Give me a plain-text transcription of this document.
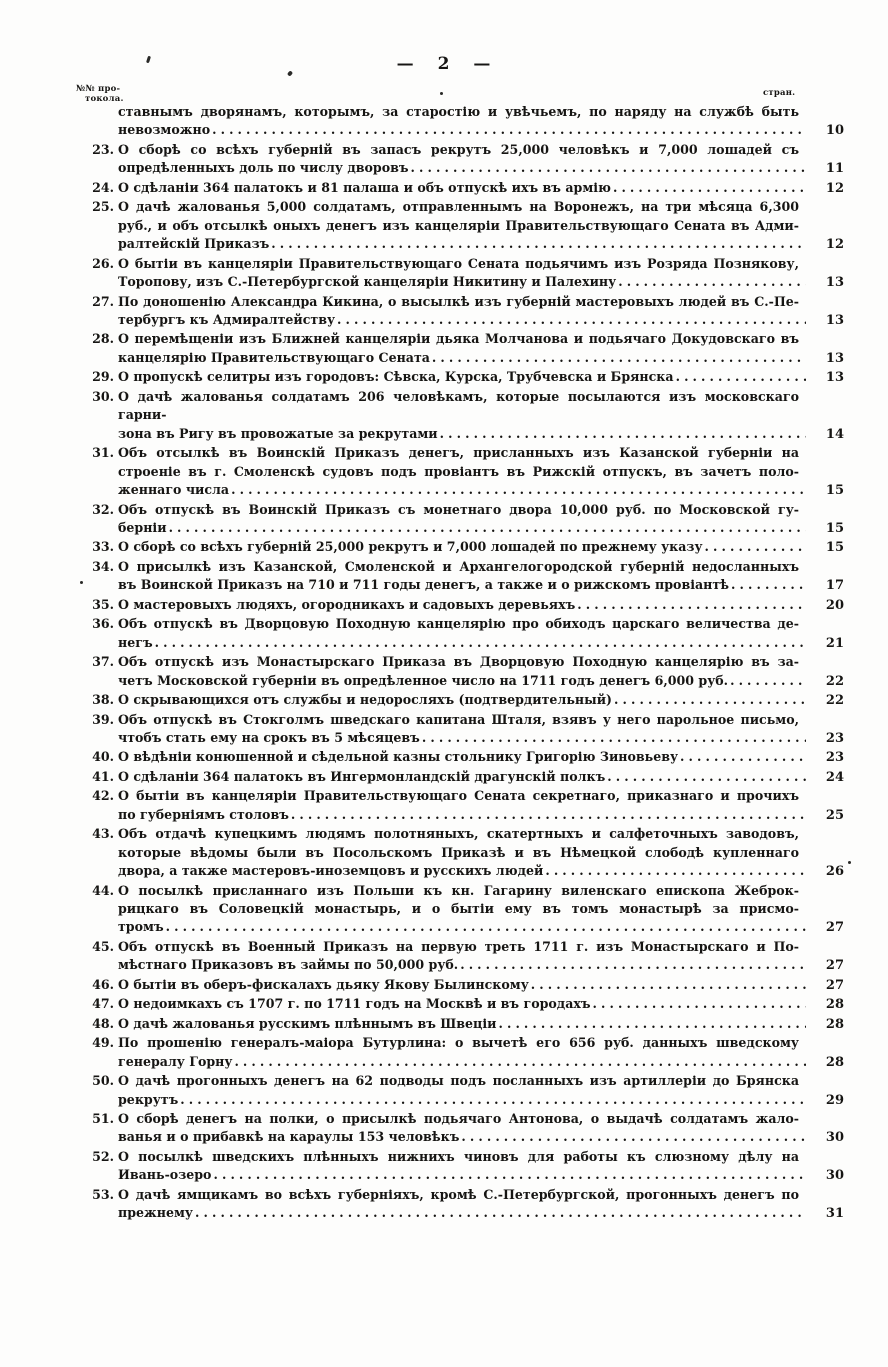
— 2 —
№№ про-
токола.
стран.
ставнымъ дворянамъ, которымъ, за старостію и увѣчьемъ, по наряду на службѣ быть
невозможно .....	10
23. О сборѣ со всѣхъ губерній въ запасъ рекрутъ 25,000 человѣкъ и 7,000 лошадей съ
опредѣленныхъ доль по числу дворовъ .....	11
24. О сдѣланіи 364 палатокъ и 81 палаша и объ отпускѣ ихъ въ армію .....	12
25. О дачѣ жалованья 5,000 солдатамъ, отправленнымъ на Воронежъ, на три мѣсяца 6,300
руб., и объ отсылкѣ оныхъ денегъ изъ канцеляріи Правительствующаго Сената въ Адми-
ралтейскій Приказъ .....	12
26. О бытіи въ канцеляріи Правительствующаго Сената подьячимъ изъ Розряда Познякову,
Торопову, изъ С.-Петербургской канцеляріи Никитину и Палехину .....	13
27. По доношенію Александра Кикина, о высылкѣ изъ губерній мастеровыхъ людей въ С.-Пе-
тербургъ къ Адмиралтейству .....	13
28. О перемѣщеніи изъ Ближней канцеляріи дьяка Молчанова и подьячаго Докудовскаго въ
канцелярію Правительствующаго Сената .....	13
29. О пропускѣ селитры изъ городовъ: Сѣвска, Курска, Трубчевска и Брянска .....	13
30. О дачѣ жалованья солдатамъ 206 человѣкамъ, которые посылаются изъ московскаго гарни-
зона въ Ригу въ провожатые за рекрутами .....	14
31. Объ отсылкѣ въ Воинскій Приказъ денегъ, присланныхъ изъ Казанской губерніи на
строеніе въ г. Смоленскѣ судовъ подъ провіантъ въ Рижскій отпускъ, въ зачетъ поло-
женнаго числа .....	15
32. Объ отпускѣ въ Воинскій Приказъ съ монетнаго двора 10,000 руб. по Московской гу-
берніи .....	15
33. О сборѣ со всѣхъ губерній 25,000 рекрутъ и 7,000 лошадей по прежнему указу .....	15
34. О присылкѣ изъ Казанской, Смоленской и Архангелогородской губерній недосланныхъ
въ Воинской Приказъ на 710 и 711 годы денегъ, а также и о рижскомъ провіантѣ .....	17
35. О мастеровыхъ людяхъ, огородникахъ и садовыхъ деревьяхъ .....	20
36. Объ отпускѣ въ Дворцовую Походную канцелярію про обиходъ царскаго величества де-
негъ .....	21
37. Объ отпускѣ изъ Монастырскаго Приказа въ Дворцовую Походную канцелярію въ за-
четъ Московской губерніи въ опредѣленное число на 1711 годъ денегъ 6,000 руб. .....	22
38. О скрывающихся отъ службы и недоросляхъ (подтвердительный) .....	22
39. Объ отпускѣ въ Стокголмъ шведскаго капитана Шталя, взявъ у него парольное письмо,
чтобъ стать ему на срокъ въ 5 мѣсяцевъ .....	23
40. О вѣдѣніи конюшенной и сѣдельной казны стольнику Григорію Зиновьеву .....	23
41. О сдѣланіи 364 палатокъ въ Ингермонландскій драгунскій полкъ .....	24
42. О бытіи въ канцеляріи Правительствующаго Сената секретнаго, приказнаго и прочихъ
по губерніямъ столовъ .....	25
43. Объ отдачѣ купецкимъ людямъ полотняныхъ, скатертныхъ и салфеточныхъ заводовъ,
которые вѣдомы были въ Посольскомъ Приказѣ и въ Нѣмецкой слободѣ купленнаго
двора, а также мастеровъ-иноземцовъ и русскихъ людей .....	26
44. О посылкѣ присланнаго изъ Польши къ кн. Гагарину виленскаго епископа Жеброк-
рицкаго въ Соловецкій монастырь, и о бытіи ему въ томъ монастырѣ за присмо-
тромъ .....	27
45. Объ отпускѣ въ Военный Приказъ на первую треть 1711 г. изъ Монастырскаго и По-
мѣстнаго Приказовъ въ займы по 50,000 руб. .....	27
46. О бытіи въ оберъ-фискалахъ дьяку Якову Былинскому .....	27
47. О недоимкахъ съ 1707 г. по 1711 годъ на Москвѣ и въ городахъ .....	28
48. О дачѣ жалованья русскимъ плѣннымъ въ Швеціи .....	28
49. По прошенію генералъ-маіора Бутурлина: о вычетѣ его 656 руб. данныхъ шведскому
генералу Горну .....	28
50. О дачѣ прогонныхъ денегъ на 62 подводы подъ посланныхъ изъ артиллеріи до Брянска
рекрутъ .....	29
51. О сборѣ денегъ на полки, о присылкѣ подьячаго Антонова, о выдачѣ солдатамъ жало-
ванья и о прибавкѣ на караулы 153 человѣкъ .....	30
52. О посылкѣ шведскихъ плѣнныхъ нижнихъ чиновъ для работы къ слюзному дѣлу на
Ивань-озеро .....	30
53. О дачѣ ямщикамъ во всѣхъ губерніяхъ, кромѣ С.-Петербургской, прогонныхъ денегъ по
прежнему .....	31
